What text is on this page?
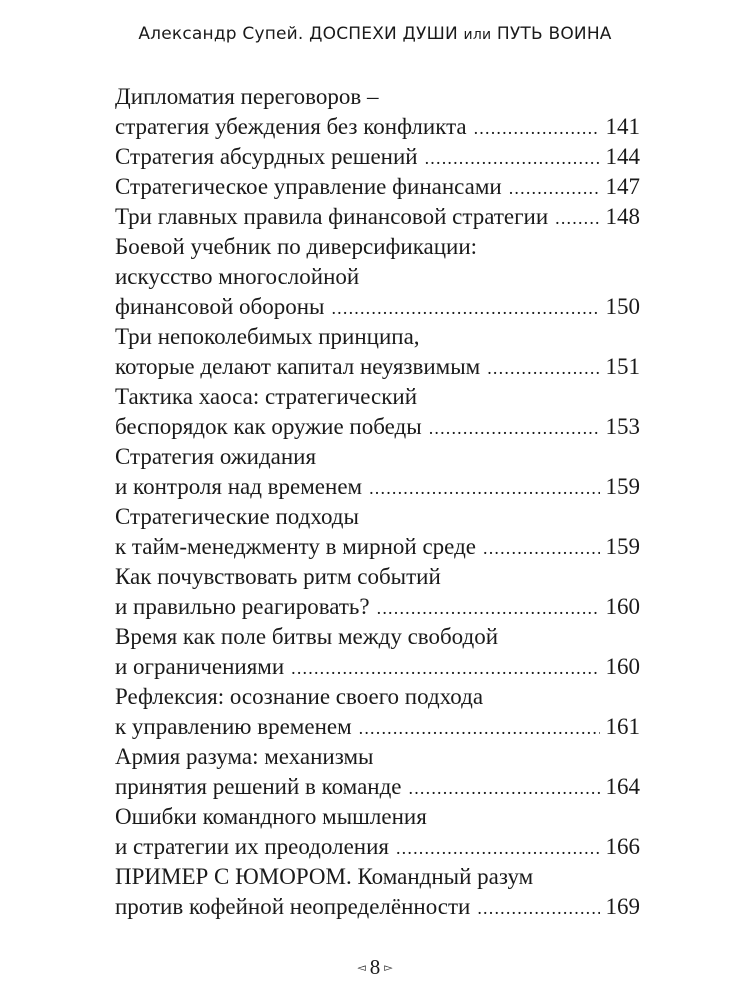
Александр Супей. ДОСПЕХИ ДУШИ или ПУТЬ ВОИНА
Дипломатия переговоров –
стратегия убеждения без конфликта .....	141
Стратегия абсурдных решений .....	144
Стратегическое управление финансами .....	147
Три главных правила финансовой стратегии ..... 148
Боевой учебник по диверсификации:
искусство многослойной
финансовой обороны .....	150
Три непоколебимых принципа,
которые делают капитал неуязвимым .....	151
Тактика хаоса: стратегический
беспорядок как оружие победы .....	153
Стратегия ожидания
и контроля над временем .....	159
Стратегические подходы
к тайм-менеджменту в мирной среде .....	159
Как почувствовать ритм событий
и правильно реагировать? .....	160
Время как поле битвы между свободой
и ограничениями .....	160
Рефлексия: осознание своего подхода
к управлению временем .....	161
Армия разума: механизмы
принятия решений в команде .....	164
Ошибки командного мышления
и стратегии их преодоления .....	166
ПРИМЕР С ЮМОРОМ. Командный разум
против кофейной неопределённости .....	169
◅ 8 ▻
